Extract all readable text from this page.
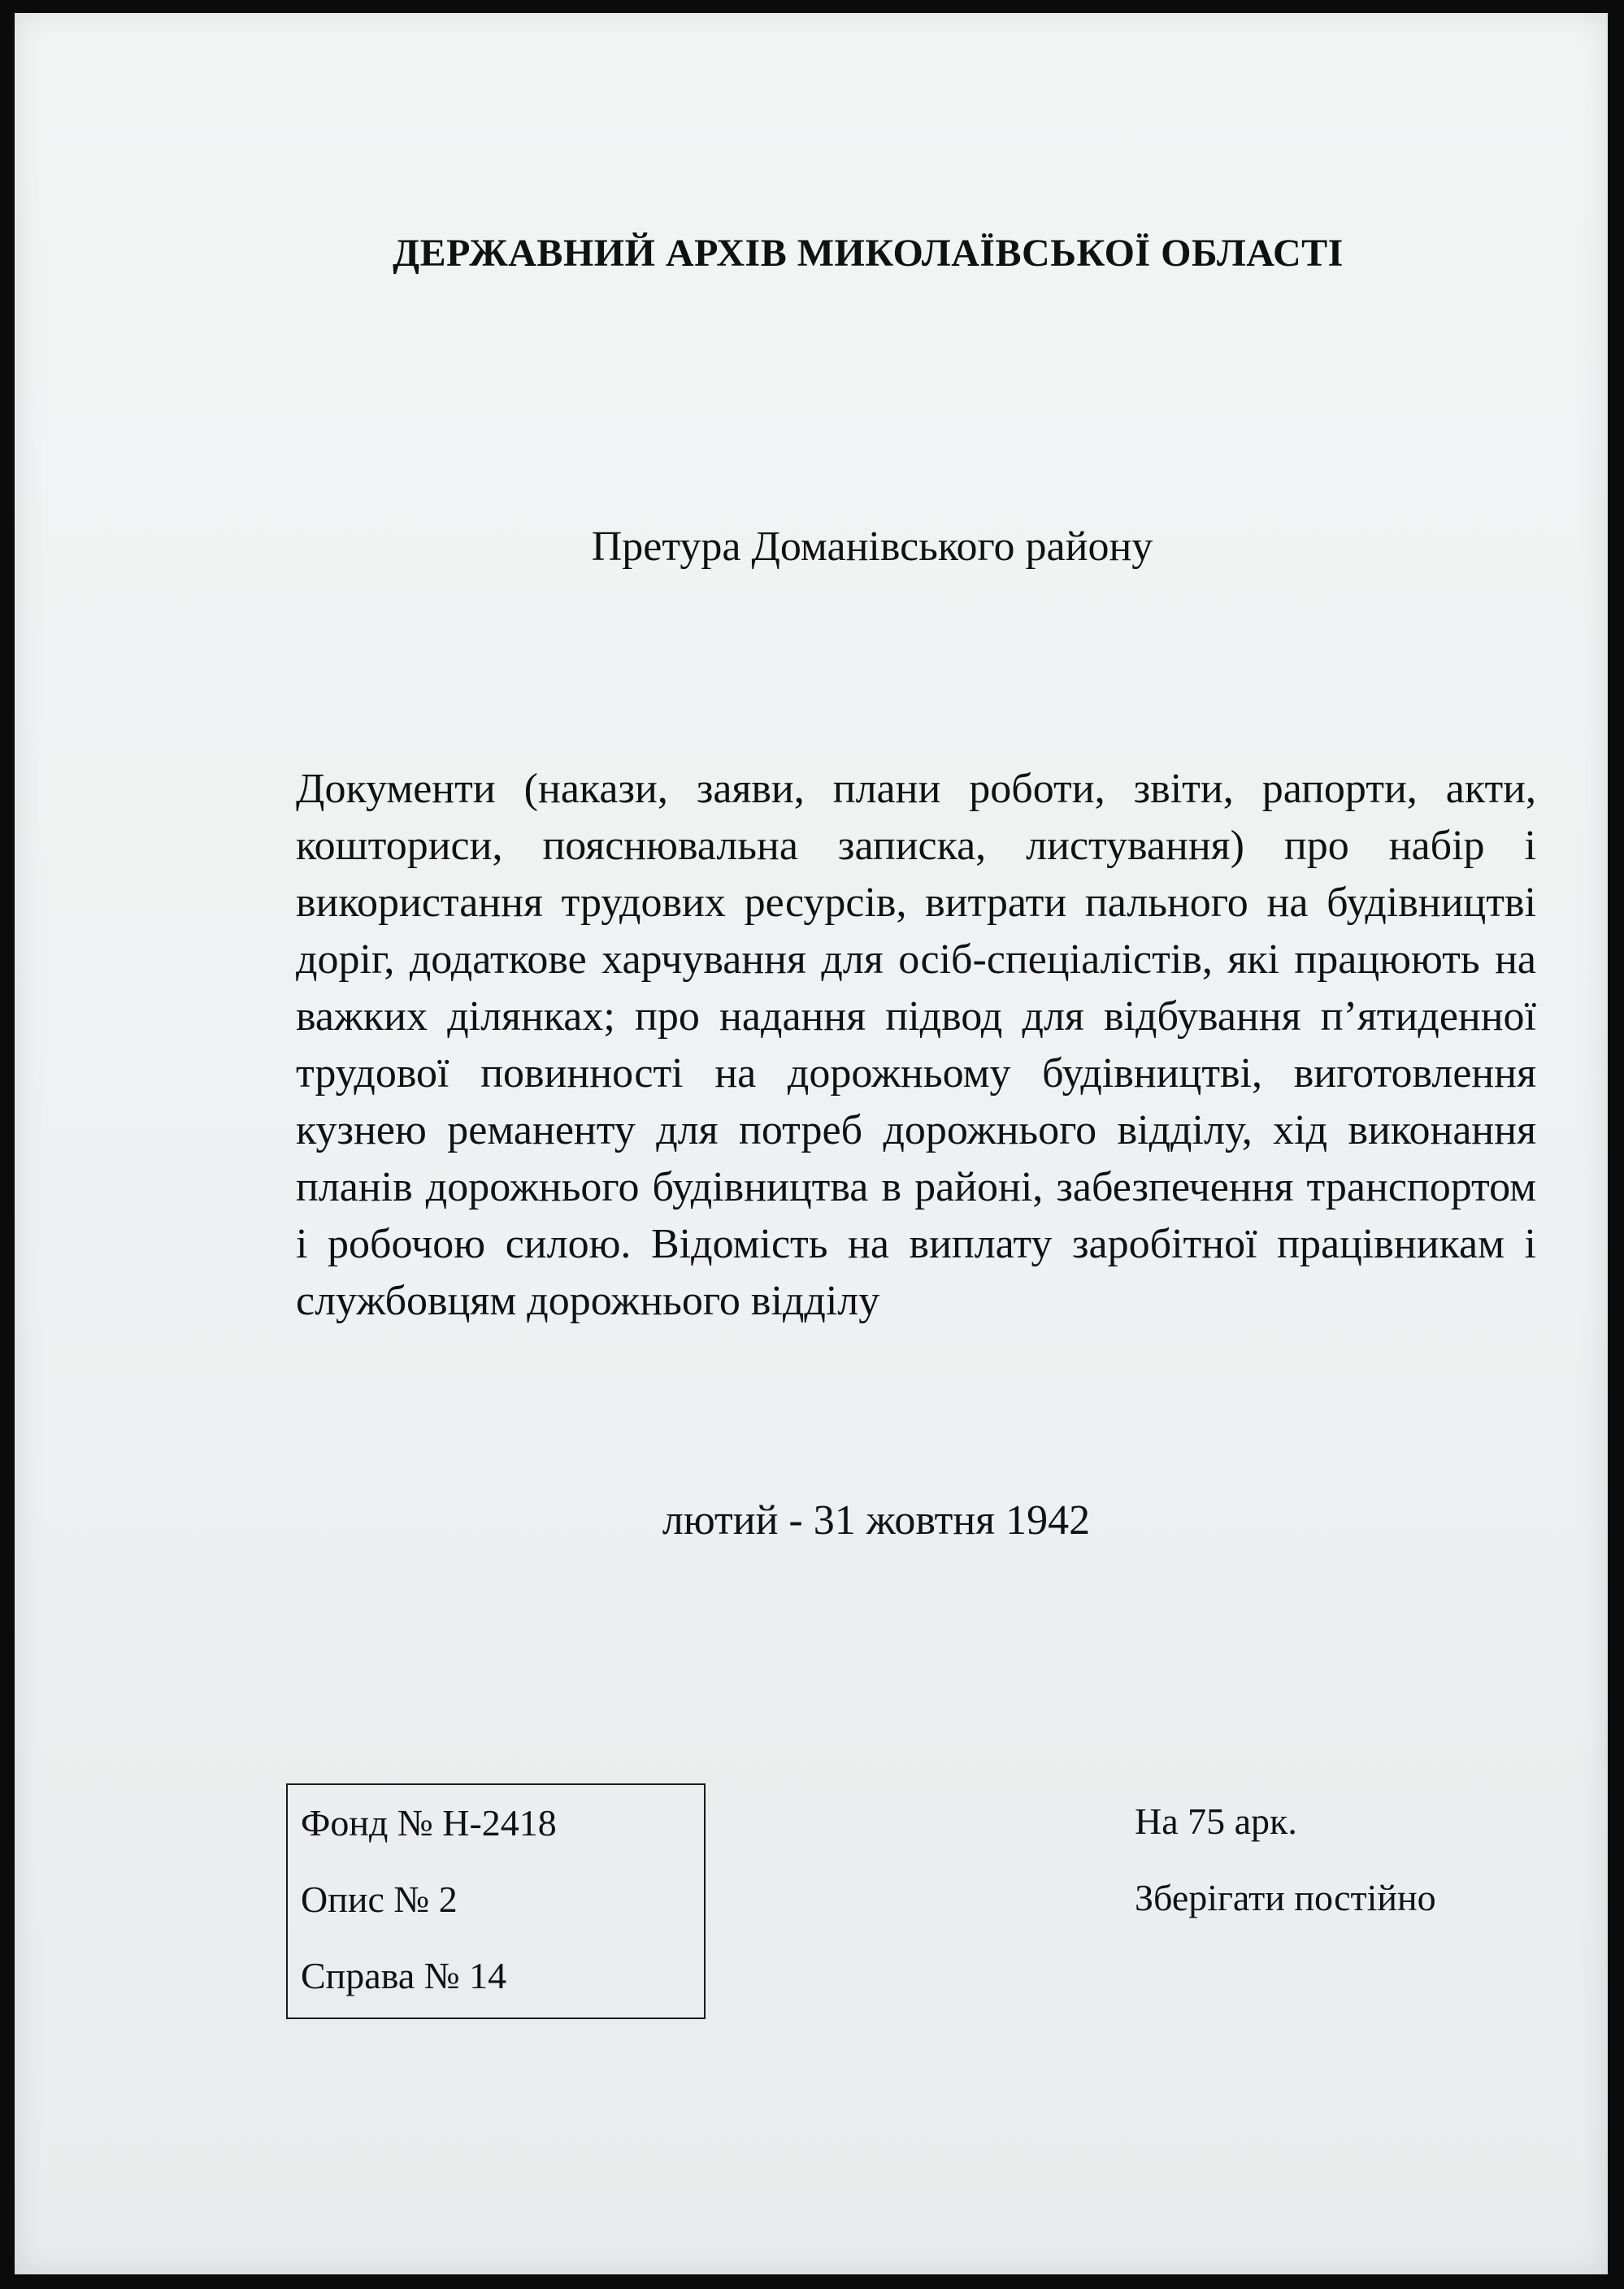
ДЕРЖАВНИЙ АРХІВ МИКОЛАЇВСЬКОЇ ОБЛАСТІ
Претура Доманівського району

Документи (накази, заяви, плани роботи, звіти, рапорти, акти, кошториси, пояснювальна записка, листування) про набір і використання трудових ресурсів, витрати пального на будівництві доріг, додаткове харчування для осіб-спеціалістів, які працюють на важких ділянках; про надання підвод для відбування п’ятиденної трудової повинності на дорожньому будівництві, виготовлення кузнею реманенту для потреб дорожнього відділу, хід виконання планів дорожнього будівництва в районі, забезпечення транспортом і робочою силою. Відомість на виплату заробітної працівникам і службовцям дорожнього відділу

лютий - 31 жовтня 1942
Фонд № Н-2418
Опис № 2
Справа № 14
На 75 арк.
Зберігати постійно
